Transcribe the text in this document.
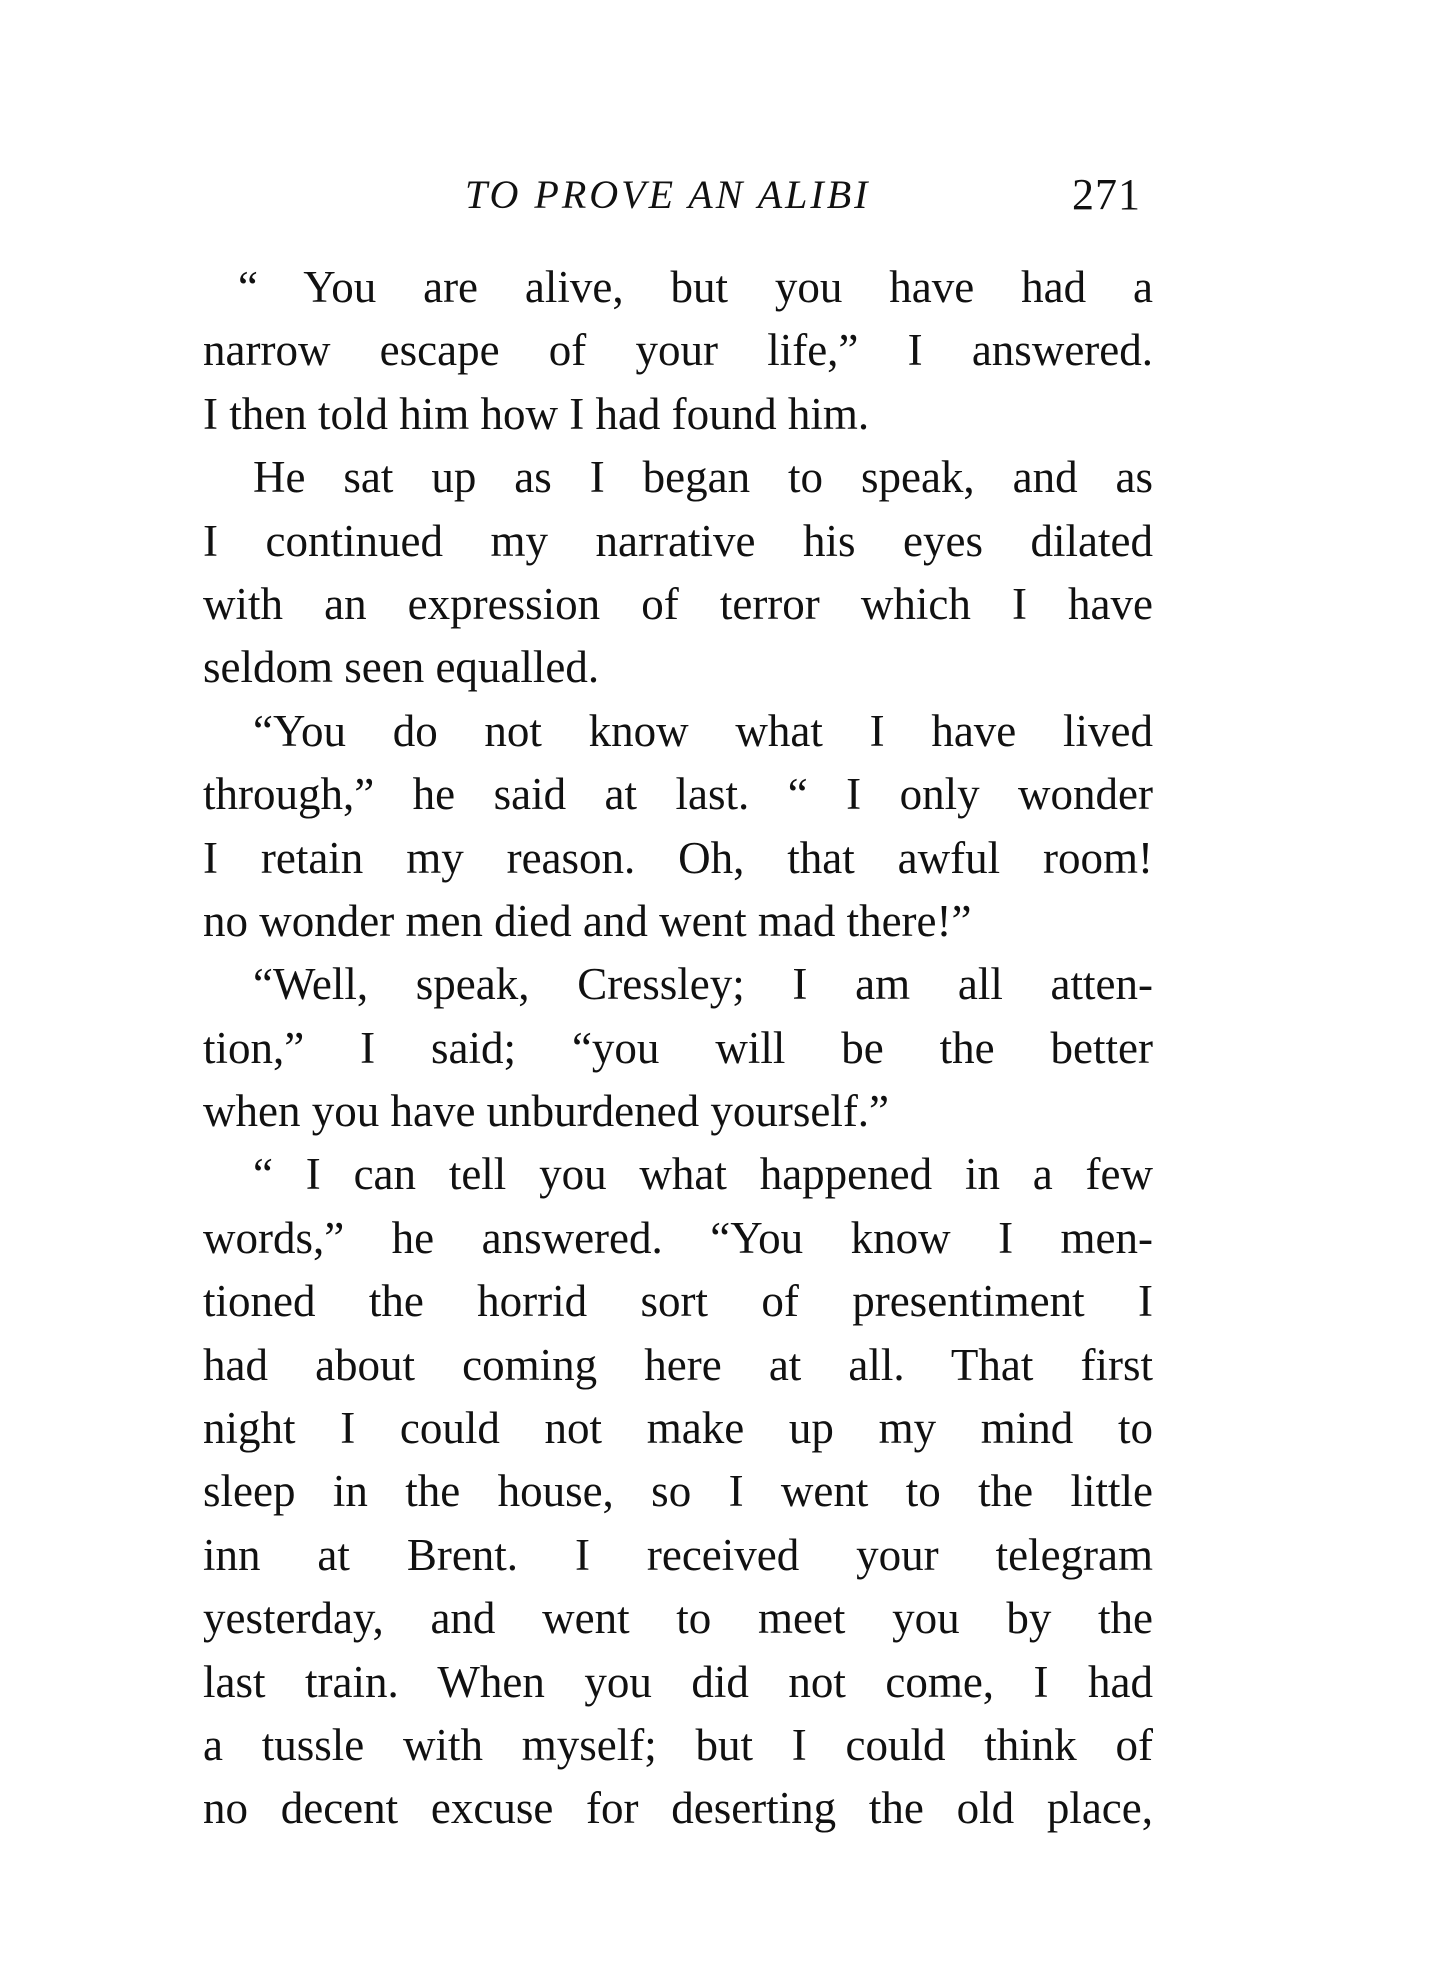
TO PROVE AN ALIBI	271
“ You are alive, but you have had a
narrow escape of your life,” I answered.
I then told him how I had found him.
He sat up as I began to speak, and as
I continued my narrative his eyes dilated
with an expression of terror which I have
seldom seen equalled.
“You do not know what I have lived
through,” he said at last. “ I only wonder
I retain my reason. Oh, that awful room!
no wonder men died and went mad there!”
“Well, speak, Cressley; I am all atten-
tion,” I said; “you will be the better
when you have unburdened yourself.”
“ I can tell you what happened in a few
words,” he answered. “You know I men-
tioned the horrid sort of presentiment I
had about coming here at all. That first
night I could not make up my mind to
sleep in the house, so I went to the little
inn at Brent. I received your telegram
yesterday, and went to meet you by the
last train. When you did not come, I had
a tussle with myself; but I could think of
no decent excuse for deserting the old place,
